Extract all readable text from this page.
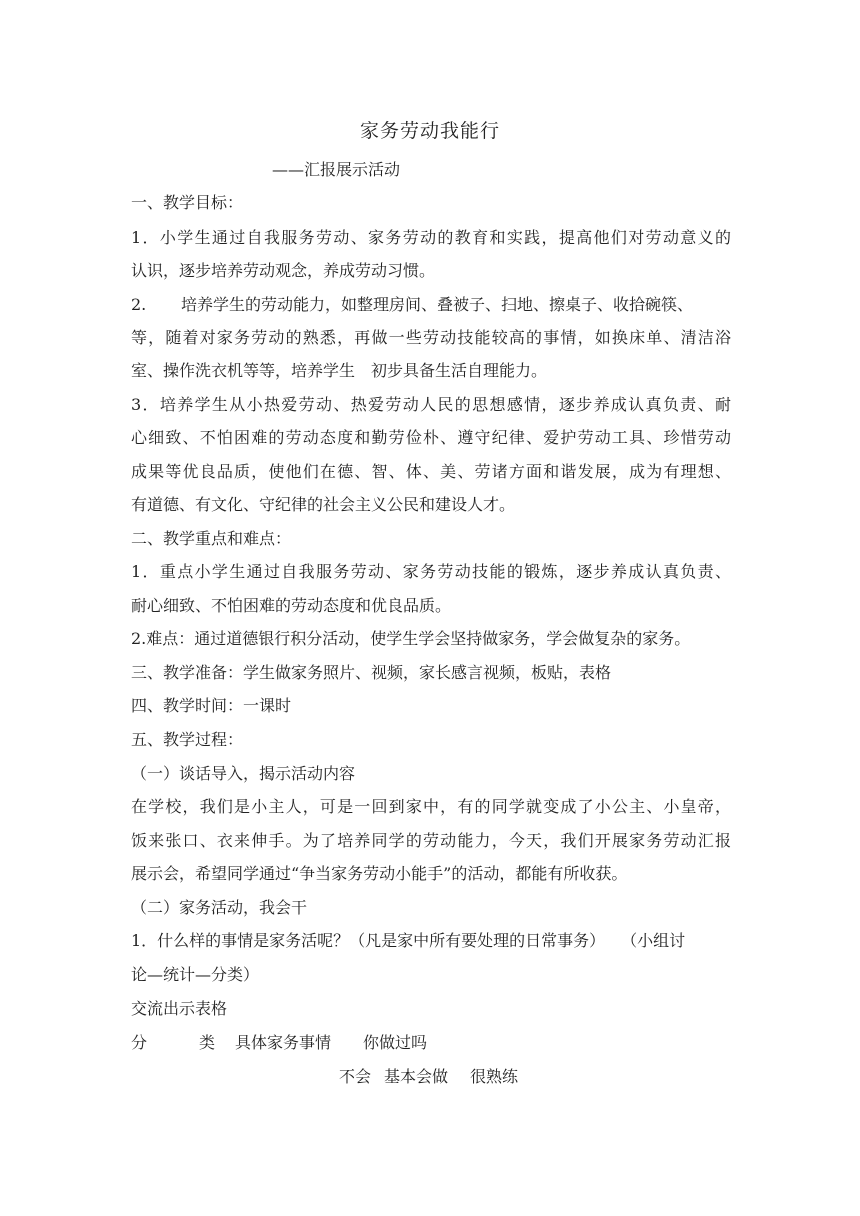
家务劳动我能行
——汇报展示活动
一、教学目标：
1．小学生通过自我服务劳动、家务劳动的教育和实践，提高他们对劳动意义的
认识，逐步培养劳动观念，养成劳动习惯。
2. 培养学生的劳动能力，如整理房间、叠被子、扫地、擦桌子、收拾碗筷、
等，随着对家务劳动的熟悉，再做一些劳动技能较高的事情，如换床单、清洁浴
室、操作洗衣机等等，培养学生　初步具备生活自理能力。
3．培养学生从小热爱劳动、热爱劳动人民的思想感情，逐步养成认真负责、耐
心细致、不怕困难的劳动态度和勤劳俭朴、遵守纪律、爱护劳动工具、珍惜劳动
成果等优良品质，使他们在德、智、体、美、劳诸方面和谐发展，成为有理想、
有道德、有文化、守纪律的社会主义公民和建设人才。
二、教学重点和难点：
1．重点小学生通过自我服务劳动、家务劳动技能的锻炼，逐步养成认真负责、
耐心细致、不怕困难的劳动态度和优良品质。
2.难点：通过道德银行积分活动，使学生学会坚持做家务，学会做复杂的家务。
三、教学准备：学生做家务照片、视频，家长感言视频，板贴，表格
四、教学时间：一课时
五、教学过程：
（一）谈话导入，揭示活动内容
在学校，我们是小主人，可是一回到家中，有的同学就变成了小公主、小皇帝，
饭来张口、衣来伸手。为了培养同学的劳动能力，今天，我们开展家务劳动汇报
展示会，希望同学通过“争当家务劳动小能手”的活动，都能有所收获。
（二）家务活动，我会干
1．什么样的事情是家务活呢？（凡是家中所有要处理的日常事务）　　（小组讨
论—统计—分类）
交流出示表格
分	类 具体家务事情 你做过吗
不会 基本会做 很熟练
